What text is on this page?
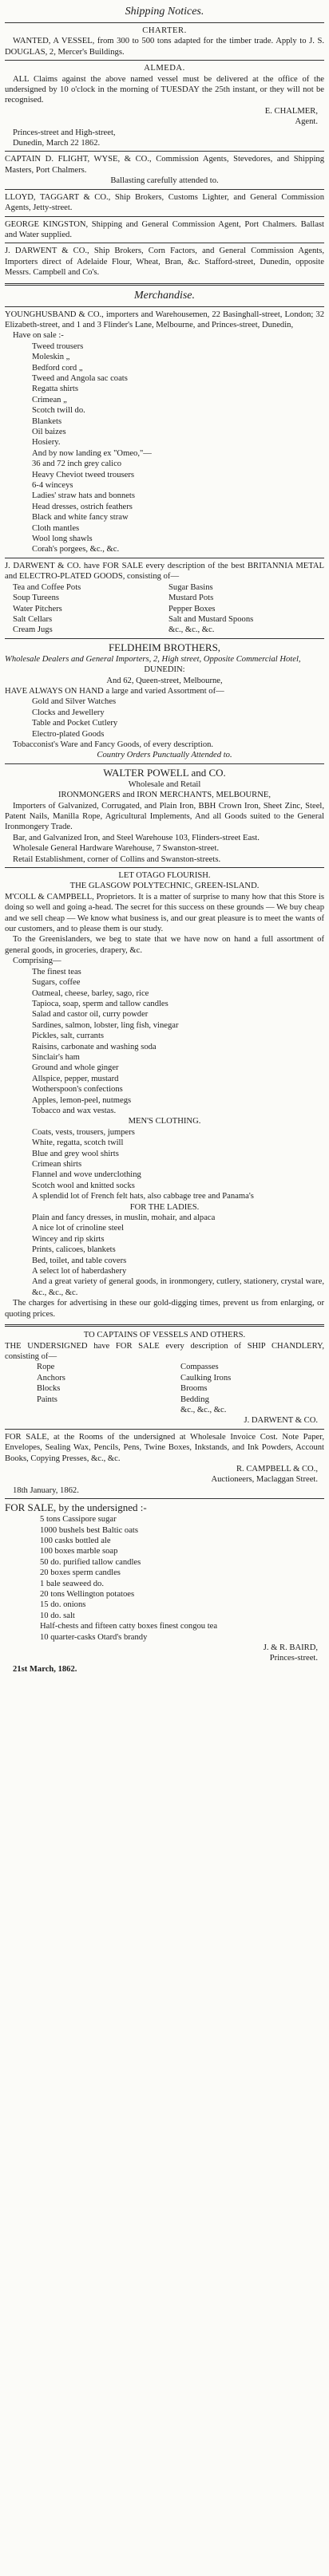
Shipping Notices.

CHARTER.

WANTED, A VESSEL, from 300 to 500 tons adapted for the timber trade. Apply to J. S. DOUGLAS, 2, Mercer's Buildings.

ALMEDA.

ALL Claims against the above named vessel must be delivered at the office of the undersigned by 10 o'clock in the morning of TUESDAY the 25th instant, or they will not be recognised.

E. CHALMER,

Agent.

Princes-street and High-street,

Dunedin, March 22 1862.

CAPTAIN D. FLIGHT, WYSE, & CO., Commission Agents, Stevedores, and Shipping Masters, Port Chalmers.

Ballasting carefully attended to.

LLOYD, TAGGART & CO., Ship Brokers, Customs Lighter, and General Commission Agents, Jetty-street.

GEORGE KINGSTON, Shipping and General Commission Agent, Port Chalmers. Ballast and Water supplied.

J. DARWENT & CO., Ship Brokers, Corn Factors, and General Commission Agents, Importers direct of Adelaide Flour, Wheat, Bran, &c. Stafford-street, Dunedin, opposite Messrs. Campbell and Co's.

Merchandise.

YOUNGHUSBAND & CO., importers and Warehousemen, 22 Basinghall-street, London; 32 Elizabeth-street, and 1 and 3 Flinder's Lane, Melbourne, and Princes-street, Dunedin,

Have on sale :-

Tweed trousers

Moleskin „

Bedford cord „

Tweed and Angola sac coats

Regatta shirts

Crimean „

Scotch twill do.

Blankets

Oil baizes

Hosiery.

And by now landing ex "Omeo,"—

36 and 72 inch grey calico

Heavy Cheviot tweed trousers

6-4 winceys

Ladies' straw hats and bonnets

Head dresses, ostrich feathers

Black and white fancy straw

Cloth mantles

Wool long shawls

Corah's porgees, &c., &c.

J. DARWENT & CO. have FOR SALE every description of the best BRITANNIA METAL and ELECTRO-PLATED GOODS, consisting of—

Tea and Coffee Pots

Soup Tureens

Water Pitchers

Salt Cellars

Cream Jugs

Sugar Basins

Mustard Pots

Pepper Boxes

Salt and Mustard Spoons

&c., &c., &c.

FELDHEIM BROTHERS,

Wholesale Dealers and General Importers, 2, High street, Opposite Commercial Hotel,

DUNEDIN:

And 62, Queen-street, Melbourne,

HAVE ALWAYS ON HAND a large and varied Assortment of—

Gold and Silver Watches

Clocks and Jewellery

Table and Pocket Cutlery

Electro-plated Goods

Tobacconist's Ware and Fancy Goods, of every description.

Country Orders Punctually Attended to.

WALTER POWELL and CO.

Wholesale and Retail

IRONMONGERS and IRON MERCHANTS, MELBOURNE,

Importers of Galvanized, Corrugated, and Plain Iron, BBH Crown Iron, Sheet Zinc, Steel, Patent Nails, Manilla Rope, Agricultural Implements, And all Goods suited to the General Ironmongery Trade.

Bar, and Galvanized Iron, and Steel Warehouse 103, Flinders-street East.

Wholesale General Hardware Warehouse, 7 Swanston-street.

Retail Establishment, corner of Collins and Swanston-streets.

LET OTAGO FLOURISH.

THE GLASGOW POLYTECHNIC, GREEN-ISLAND.

M'COLL & CAMPBELL, Proprietors. It is a matter of surprise to many how that this Store is doing so well and going a-head. The secret for this success on these grounds — We buy cheap and we sell cheap — We know what business is, and our great pleasure is to meet the wants of our customers, and to please them is our study.

To the Greenislanders, we beg to state that we have now on hand a full assortment of general goods, in groceries, drapery, &c.

Comprising—

The finest teas

Sugars, coffee

Oatmeal, cheese, barley, sago, rice

Tapioca, soap, sperm and tallow candles

Salad and castor oil, curry powder

Sardines, salmon, lobster, ling fish, vinegar

Pickles, salt, currants

Raisins, carbonate and washing soda

Sinclair's ham

Ground and whole ginger

Allspice, pepper, mustard

Wotherspoon's confections

Apples, lemon-peel, nutmegs

Tobacco and wax vestas.

MEN'S CLOTHING.

Coats, vests, trousers, jumpers

White, regatta, scotch twill

Blue and grey wool shirts

Crimean shirts

Flannel and wove underclothing

Scotch wool and knitted socks

A splendid lot of French felt hats, also cabbage tree and Panama's

FOR THE LADIES.

Plain and fancy dresses, in muslin, mohair, and alpaca

A nice lot of crinoline steel

Wincey and rip skirts

Prints, calicoes, blankets

Bed, toilet, and table covers

A select lot of haberdashery

And a great variety of general goods, in ironmongery, cutlery, stationery, crystal ware, &c., &c., &c.

The charges for advertising in these our gold-digging times, prevent us from enlarging, or quoting prices.

TO CAPTAINS OF VESSELS AND OTHERS.

THE UNDERSIGNED have FOR SALE every description of SHIP CHANDLERY, consisting of—

Rope

Anchors

Blocks

Paints

Compasses

Caulking Irons

Brooms

Bedding

&c., &c., &c.

J. DARWENT & CO.

FOR SALE, at the Rooms of the undersigned at Wholesale Invoice Cost. Note Paper, Envelopes, Sealing Wax, Pencils, Pens, Twine Boxes, Inkstands, and Ink Powders, Account Books, Copying Presses, &c., &c.

R. CAMPBELL & CO.,

Auctioneers, Maclaggan Street.

18th January, 1862.

FOR SALE, by the undersigned :-

5 tons Cassipore sugar

1000 bushels best Baltic oats

100 casks bottled ale

100 boxes marble soap

50 do. purified tallow candles

20 boxes sperm candles

1 bale seaweed do.

20 tons Wellington potatoes

15 do. onions

10 do. salt

Half-chests and fifteen catty boxes finest congou tea

10 quarter-casks Otard's brandy

J. & R. BAIRD,

Princes-street.

21st March, 1862.
